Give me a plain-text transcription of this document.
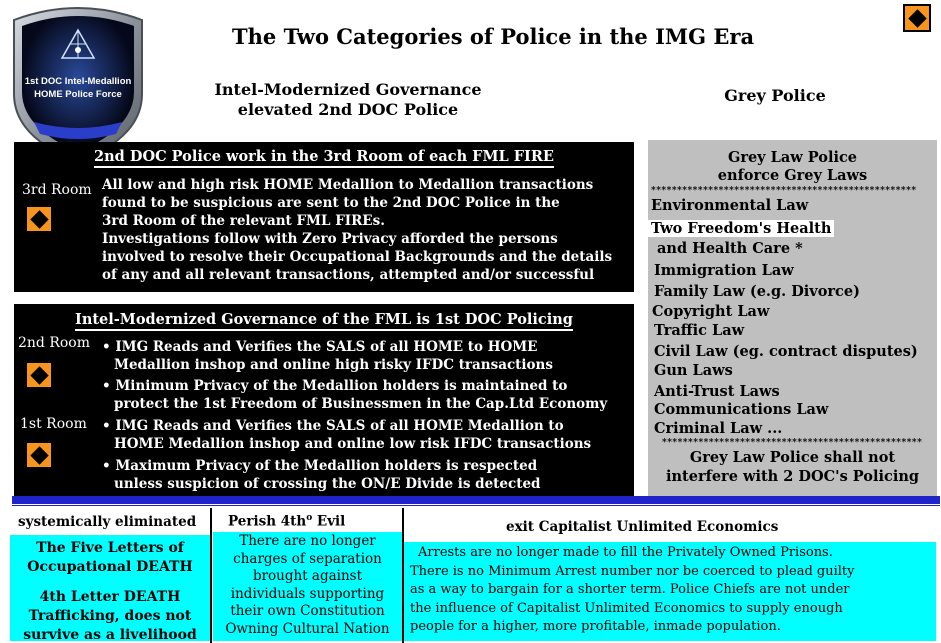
1st DOC Intel-Medallion
HOME Police Force
The Two Categories of Police in the IMG Era
Intel-Modernized Governance
elevated 2nd DOC Police
Grey Police
2nd DOC Police work in the 3rd Room of each FML FIRE
3rd Room All low and high risk HOME Medallion to Medallion transactions
found to be suspicious are sent to the 2nd DOC Police in the
3rd Room of the relevant FML FIREs.
Investigations follow with Zero Privacy afforded the persons
involved to resolve their Occupational Backgrounds and the details
of any and all relevant transactions, attempted and/or successful
Intel-Modernized Governance of the FML is 1st DOC Policing
2nd Room
1st Room
• IMG Reads and Verifies the SALS of all HOME to HOME
Medallion inshop and online high risky IFDC transactions
• Minimum Privacy of the Medallion holders is maintained to
protect the 1st Freedom of Businessmen in the Cap.Ltd Economy
• IMG Reads and Verifies the SALS of all HOME Medallion to
HOME Medallion inshop and online low risk IFDC transactions
• Maximum Privacy of the Medallion holders is respected
unless suspicion of crossing the ON/E Divide is detected
Grey Law Police
enforce Grey Laws
***************************************************
Environmental Law
Two Freedom's Health
and Health Care *
Immigration Law
Family Law (e.g. Divorce)
Copyright Law
Traffic Law
Civil Law (eg. contract disputes)
Gun Laws
Anti-Trust Laws
Communications Law
Criminal Law ...
**************************************************
Grey Law Police shall not
interfere with 2 DOC's Policing
systemically eliminated Perish $4th^o$ Evil	exit Capitalist Unlimited Economics
The Five Letters of
Occupational DEATH
4th Letter DEATH
Trafficking, does not
survive as a livelihood
There are no longer
charges of separation
brought against
individuals supporting
their own Constitution
Owning Cultural Nation
Arrests are no longer made to fill the Privately Owned Prisons.
There is no Minimum Arrest number nor be coerced to plead guilty
as a way to bargain for a shorter term. Police Chiefs are not under
the influence of Capitalist Unlimited Economics to supply enough
people for a higher, more profitable, inmade population.
